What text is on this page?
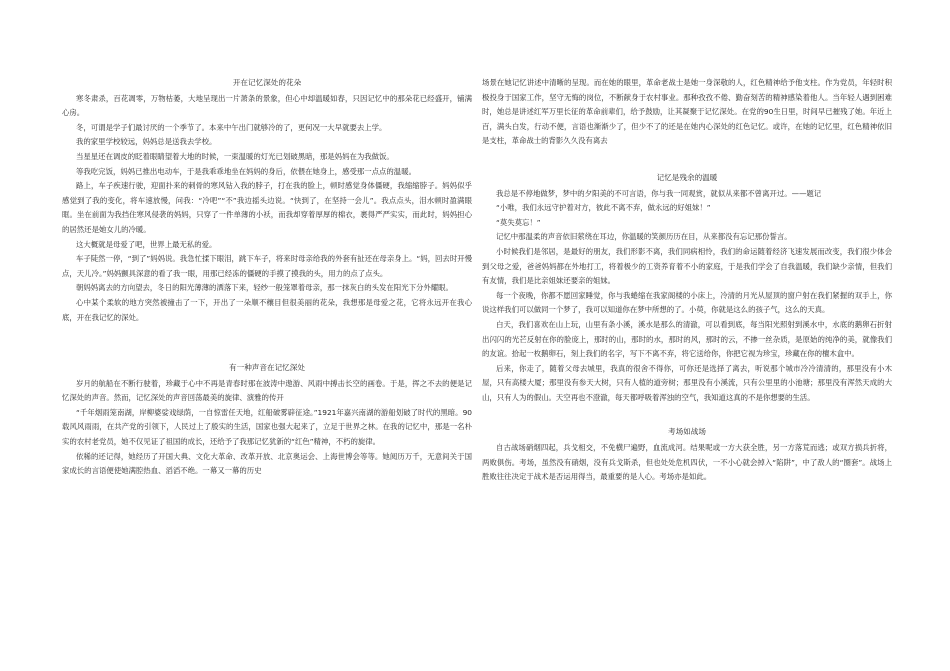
开在记忆深处的花朵

寒冬肃杀，百花凋零，万物枯萎，大地呈现出一片萧条的景象，但心中却温暖如春，只因记忆中的那朵花已经盛开，铺满心房。

冬，可谓是学子们最讨厌的一个季节了。本来中午出门就够冷的了，更何况一大早就要去上学。

我的家里学校较远，妈妈总是送我去学校。

当星星还在调皮的眨着眼睛望着大地的时候，一束温暖的灯光已划破黑暗，那是妈妈在为我做饭。

等我吃完饭，妈妈已推出电动车，于是我乖乖地坐在妈妈的身后，依偎在她身上，感受那一点点的温暖。

路上，车子疾速行驶，迎面扑来的刺骨的寒风钻入我的脖子，打在我的脸上，顿时感觉身体僵硬，我缩缩脖子。妈妈似乎感觉到了我的变化，将车速放慢，问我：“冷吧”“不”我边摇头边说。“快到了，在坚持一会儿”。我点点头，泪水顿时盈满眼眶。坐在前面为我挡住寒风侵袭的妈妈，只穿了一件单薄的小袄，而我却穿着厚厚的棉衣，裹得严严实实，而此时，妈妈担心的居然还是她女儿的冷暖。

这大概就是母爱了吧，世界上最无私的爱。

车子陡然一停，“到了”妈妈说。我急忙揉下眼泪，跳下车子，将来时母亲给我的外套有扯还在母亲身上。“妈，回去时开慢点，天儿冷。”妈妈颤具深意的看了我一眼，用那已经冻的僵硬的手摸了摸我的头，用力的点了点头。

朝妈妈离去的方向望去，冬日的阳光薄薄的洒落下来，轻纱一般笼罩着母亲，那一抹灰白的头发在阳光下分外耀眼。

心中某个柔软的地方突然被撞击了一下，开出了一朵顺不穰目但很美丽的花朵，我想那是母爱之花，它将永远开在我心底，开在我记忆的深处。

有一种声音在记忆深处

岁月的航船在不断行驶着，珍藏于心中不再是青春时那在波涛中遨游、风雨中搏击长空的画卷。于是，挥之不去的便是记忆深处的声音。然而，记忆深处的声音回荡最美的旋律、演雅的传开

“千年烟雨笼南湖，岸柳婆娑戏绿荫，一自惊雷任天地，红船破雾辟征途。”1921年嘉兴南湖的游船划破了时代的黑暗。90载风风雨雨，在共产党的引领下，人民过上了殷实的生活，国家也强大起来了，立足于世界之林。在我的记忆中，那是一名朴实的农村老党员，她不仅见证了祖国的成长，还给予了我那记忆犹新的“红色”精神，不朽的旋律。

依稀的还记得，她经历了开国大典、文化大革命、改革开放、北京奥运会、上海世博会等等。她阅历万千，无意间关于国家成长的言语便使她满腔热血、滔滔不绝。一幕又一幕的历史

场景在她记忆讲述中清晰的呈现。而在她的眼里，革命老战士是她一身深敬的人，红色精神给予他支柱。作为党员，年轻时积极投身于国家工作，坚守无悔的岗位，不断献身于农村事业。那种孜孜不倦、勤奋刻苦的精神感染着他人。当年轻人遇到困难时，她总是讲述红军万里长征的革命前辈们，给予鼓励，让其凝聚于记忆深处。在党的90生日里，时间早已摧残了她。年近上百，满头白发，行动不便，言语也渐渐少了，但少不了的还是在她内心深处的红色记忆。或许，在她的记忆里，红色精神依旧是支柱，革命战士的背影久久没有离去

记忆是残余的温暖

我总是不停地做梦，梦中的夕阳美的不可言语，你与我一同观赏，就似从来都不曾离开过。——题记

“小唯，我们永远守护着对方，彼此不离不弃，做永远的好姐妹！”

“莫失莫忘！”

记忆中那温柔的声音依旧萦绕在耳边，你温暖的笑颜历历在目，从来都没有忘记那份誓言。

小时候我们是邻居，是最好的朋友，我们形影不离，我们同病相怜，我们的命运随着经济飞速发展而改变，我们很少体会到父母之爱，爸爸妈妈都在外地打工，将着极少的工资养育着不小的家庭，于是我们学会了自我温暖，我们缺少亲情，但我们有友情，我们是比亲姐妹还要亲的姐妹。

每一个夜晚，你都不愿回家睡觉，你与我蜷缩在我家阁楼的小床上，冷清的月光从屋顶的窗户射在我们紧握的双手上，你说这样我们可以做同一个梦了，我可以知道你在梦中所想的了。小萸，你就是这么的孩子气，这么的天真。

白天，我们喜欢在山上玩，山里有条小溪，溪水是那么的清澈，可以看到底，每当阳光照射到溪水中，水底的鹅卵石折射出闪闪的光芒反射在你的脸庞上，那时的山，那时的水，那时的风，那时的云，不掺一丝杂质，是原始的纯净的美，就像我们的友谊。拾起一枚鹅卵石，刻上我们的名字，写下不离不弃，将它送给你，你把它视为珍宝，珍藏在你的檀木盒中。

后来，你走了，随着父母去城里，我真的很舍不得你，可你还是选择了离去，听说那个城市冷冷清清的，那里没有小木屋，只有高楼大厦；那里没有参天大树，只有人植的道旁树；那里没有小溪流，只有公里里的小池塘；那里没有浑然天成的大山，只有人为的假山。天空再也不澄澈，每天都呼吸着浑浊的空气，我知道这真的不是你想要的生活。

考场如战场

自古战场硝烟四起，兵戈相交，不免横尸遍野，血流成河。结果呢或一方大获全胜，另一方落荒而逃；或双方损兵折将，两败俱伤。考场，虽然没有硝烟，没有兵戈斯杀，但也处处危机四伏，一不小心就会掉入“陷阱”，中了敌人的“圈套”。战场上胜败往往决定于战术是否运用得当，最重要的是人心。考场亦是如此。
